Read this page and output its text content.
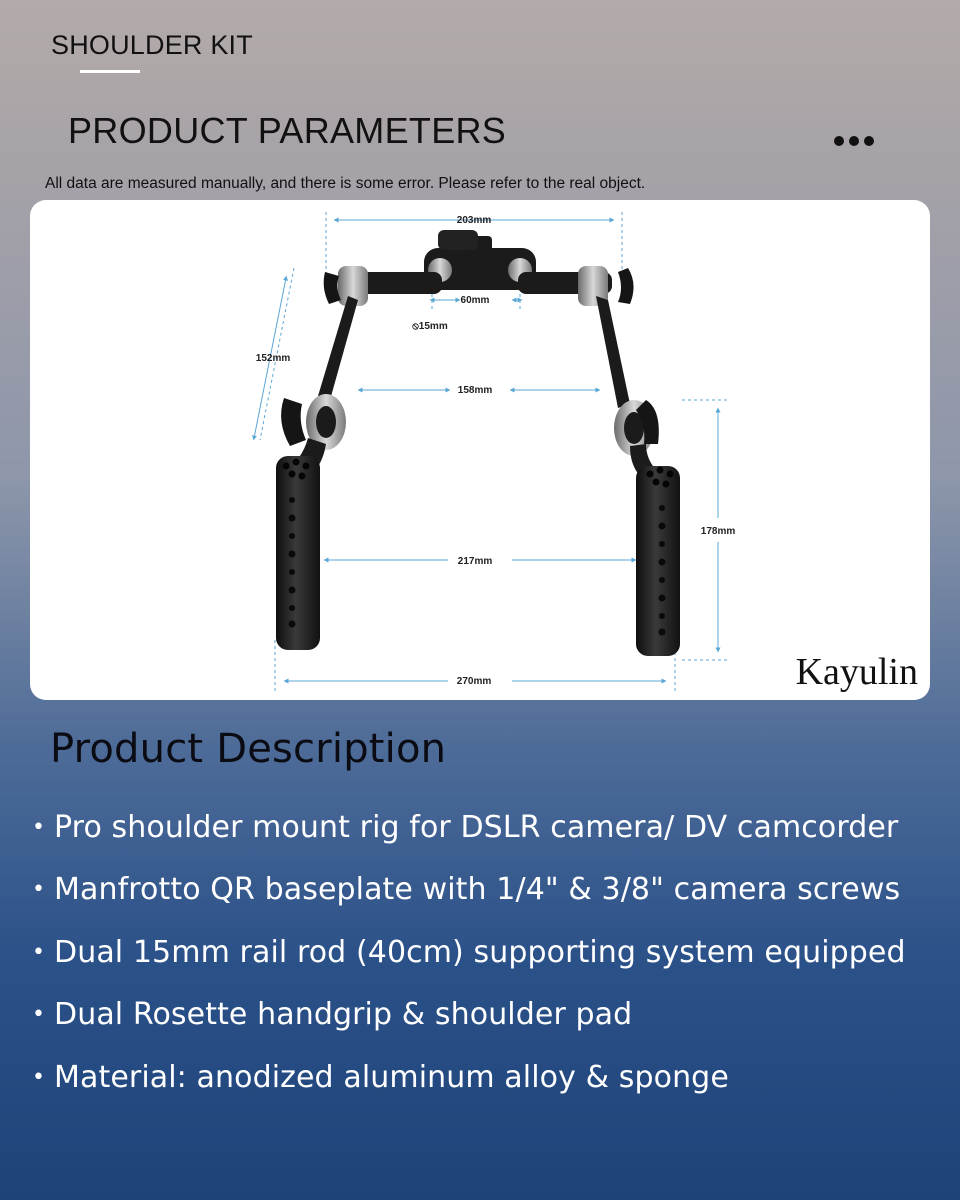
SHOULDER KIT
PRODUCT PARAMETERS
All data are measured manually, and there is some error. Please refer to the real object.
203mm
60mm
⦸15mm
152mm
158mm
217mm
178mm
270mm	Kayulin
Product Description
• Pro shoulder mount rig for DSLR camera/ DV camcorder
• Manfrotto QR baseplate with 1/4" & 3/8" camera screws
• Dual 15mm rail rod (40cm) supporting system equipped
• Dual Rosette handgrip & shoulder pad
• Material: anodized aluminum alloy & sponge
